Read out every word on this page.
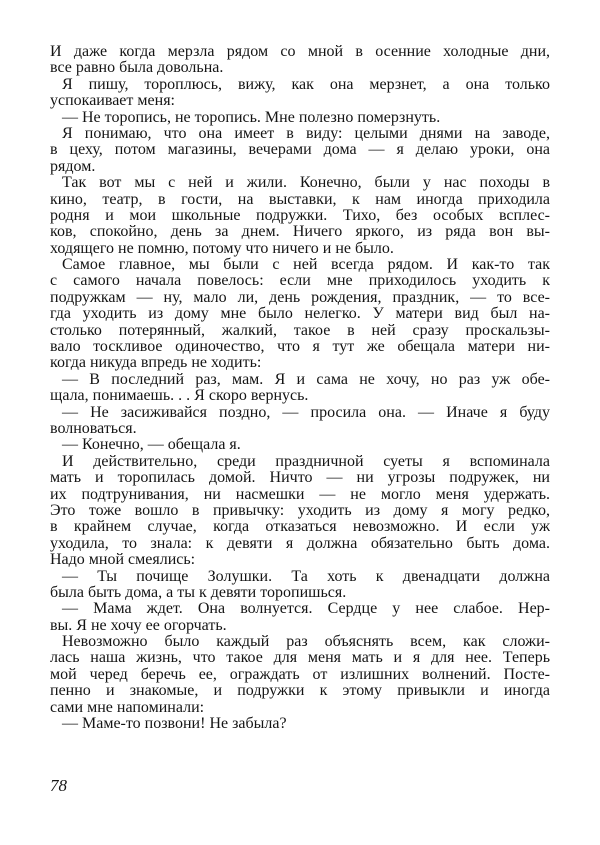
И даже когда мерзла рядом со мной в осенние холодные дни,
все равно была довольна.
Я пишу, тороплюсь, вижу, как она мерзнет, а она только
успокаивает меня:
— Не торопись, не торопись. Мне полезно померзнуть.
Я понимаю, что она имеет в виду: целыми днями на заводе,
в цеху, потом магазины, вечерами дома — я делаю уроки, она
рядом.
Так вот мы с ней и жили. Конечно, были у нас походы в
кино, театр, в гости, на выставки, к нам иногда приходила
родня и мои школьные подружки. Тихо, без особых всплес-
ков, спокойно, день за днем. Ничего яркого, из ряда вон вы-
ходящего не помню, потому что ничего и не было.
Самое главное, мы были с ней всегда рядом. И как-то так
с самого начала повелось: если мне приходилось уходить к
подружкам — ну, мало ли, день рождения, праздник, — то все-
гда уходить из дому мне было нелегко. У матери вид был на-
столько потерянный, жалкий, такое в ней сразу проскальзы-
вало тоскливое одиночество, что я тут же обещала матери ни-
когда никуда впредь не ходить:
— В последний раз, мам. Я и сама не хочу, но раз уж обе-
щала, понимаешь. . . Я скоро вернусь.
— Не засиживайся поздно, — просила она. — Иначе я буду
волноваться.
— Конечно, — обещала я.
И действительно, среди праздничной суеты я вспоминала
мать и торопилась домой. Ничто — ни угрозы подружек, ни
их подтрунивания, ни насмешки — не могло меня удержать.
Это тоже вошло в привычку: уходить из дому я могу редко,
в крайнем случае, когда отказаться невозможно. И если уж
уходила, то знала: к девяти я должна обязательно быть дома.
Надо мной смеялись:
— Ты почище Золушки. Та хоть к двенадцати должна
была быть дома, а ты к девяти торопишься.
— Мама ждет. Она волнуется. Сердце у нее слабое. Нер-
вы. Я не хочу ее огорчать.
Невозможно было каждый раз объяснять всем, как сложи-
лась наша жизнь, что такое для меня мать и я для нее. Теперь
мой черед беречь ее, ограждать от излишних волнений. Посте-
пенно и знакомые, и подружки к этому привыкли и иногда
сами мне напоминали:
— Маме-то позвони! Не забыла?
78
